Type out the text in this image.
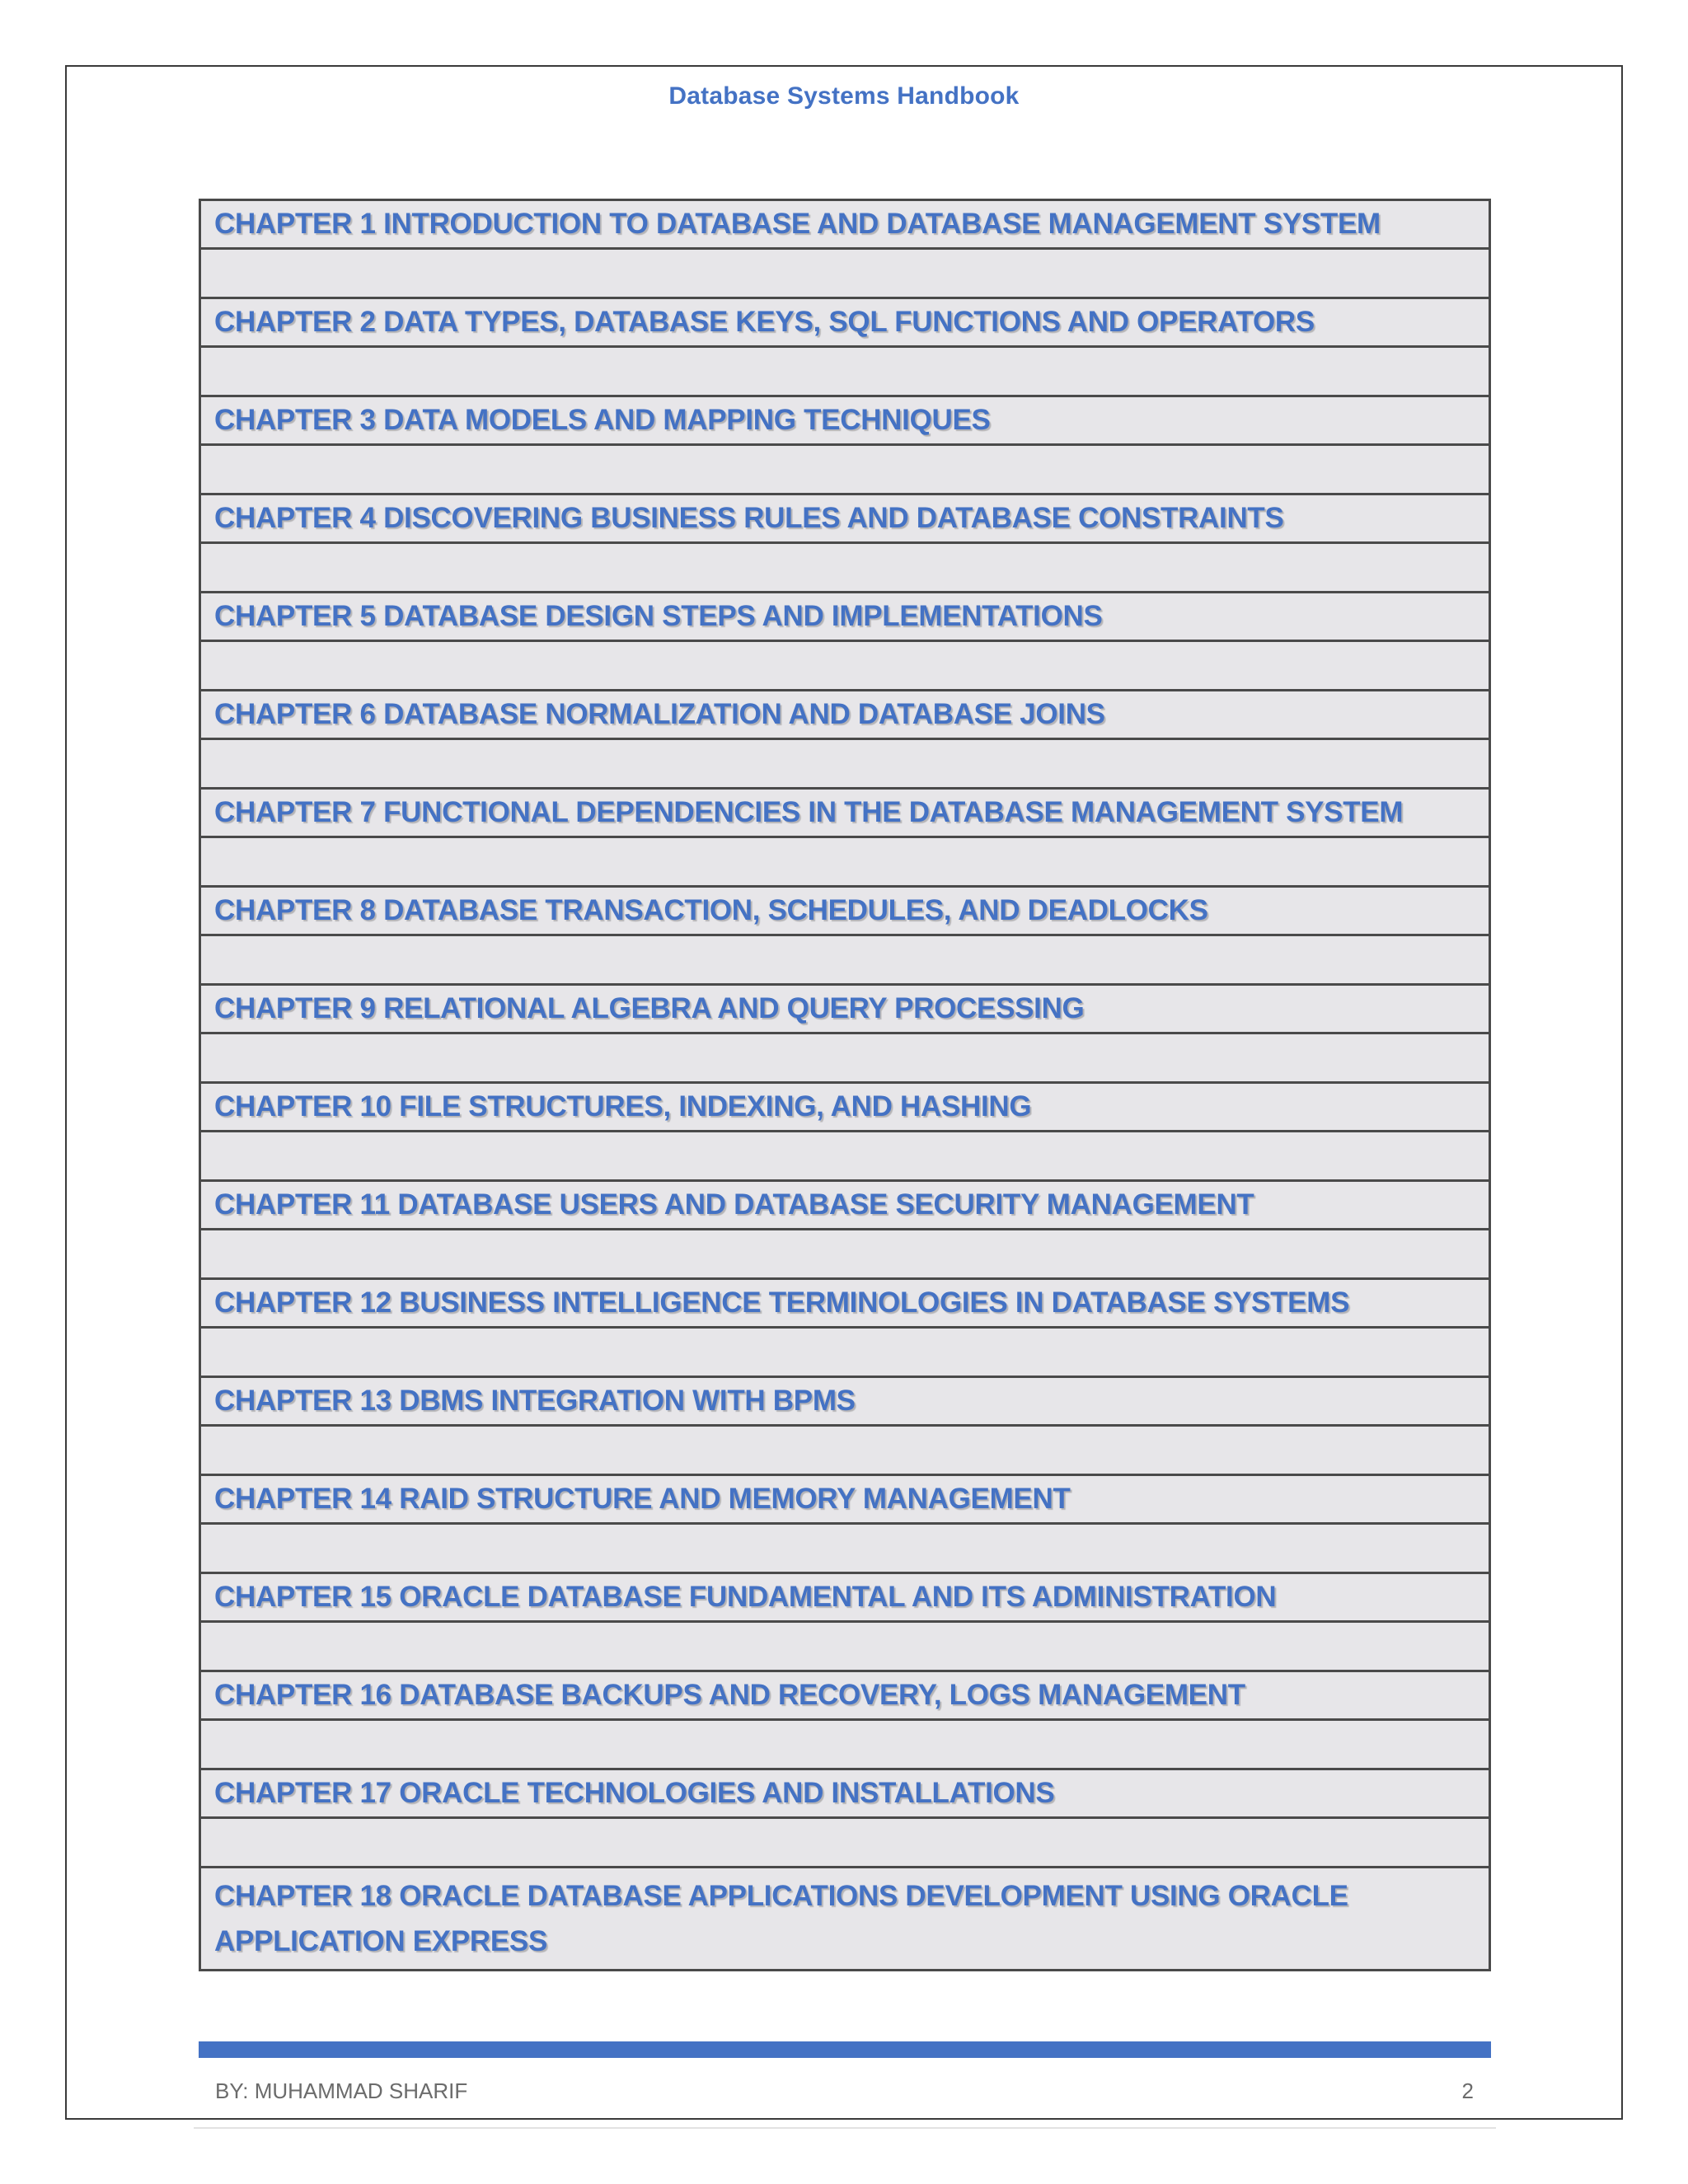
Database Systems Handbook
CHAPTER 1 INTRODUCTION TO DATABASE AND DATABASE MANAGEMENT SYSTEM

CHAPTER 2 DATA TYPES, DATABASE KEYS, SQL FUNCTIONS AND OPERATORS

CHAPTER 3 DATA MODELS AND MAPPING TECHNIQUES

CHAPTER 4 DISCOVERING BUSINESS RULES AND DATABASE CONSTRAINTS

CHAPTER 5 DATABASE DESIGN STEPS AND IMPLEMENTATIONS

CHAPTER 6 DATABASE NORMALIZATION AND DATABASE JOINS

CHAPTER 7 FUNCTIONAL DEPENDENCIES IN THE DATABASE MANAGEMENT SYSTEM

CHAPTER 8 DATABASE TRANSACTION, SCHEDULES, AND DEADLOCKS

CHAPTER 9 RELATIONAL ALGEBRA AND QUERY PROCESSING

CHAPTER 10 FILE STRUCTURES, INDEXING, AND HASHING

CHAPTER 11 DATABASE USERS AND DATABASE SECURITY MANAGEMENT

CHAPTER 12 BUSINESS INTELLIGENCE TERMINOLOGIES IN DATABASE SYSTEMS

CHAPTER 13 DBMS INTEGRATION WITH BPMS

CHAPTER 14 RAID STRUCTURE AND MEMORY MANAGEMENT

CHAPTER 15 ORACLE DATABASE FUNDAMENTAL AND ITS ADMINISTRATION

CHAPTER 16 DATABASE BACKUPS AND RECOVERY, LOGS MANAGEMENT

CHAPTER 17 ORACLE TECHNOLOGIES AND INSTALLATIONS

CHAPTER 18 ORACLE DATABASE APPLICATIONS DEVELOPMENT USING ORACLE APPLICATION EXPRESS
BY: MUHAMMAD SHARIF	2
